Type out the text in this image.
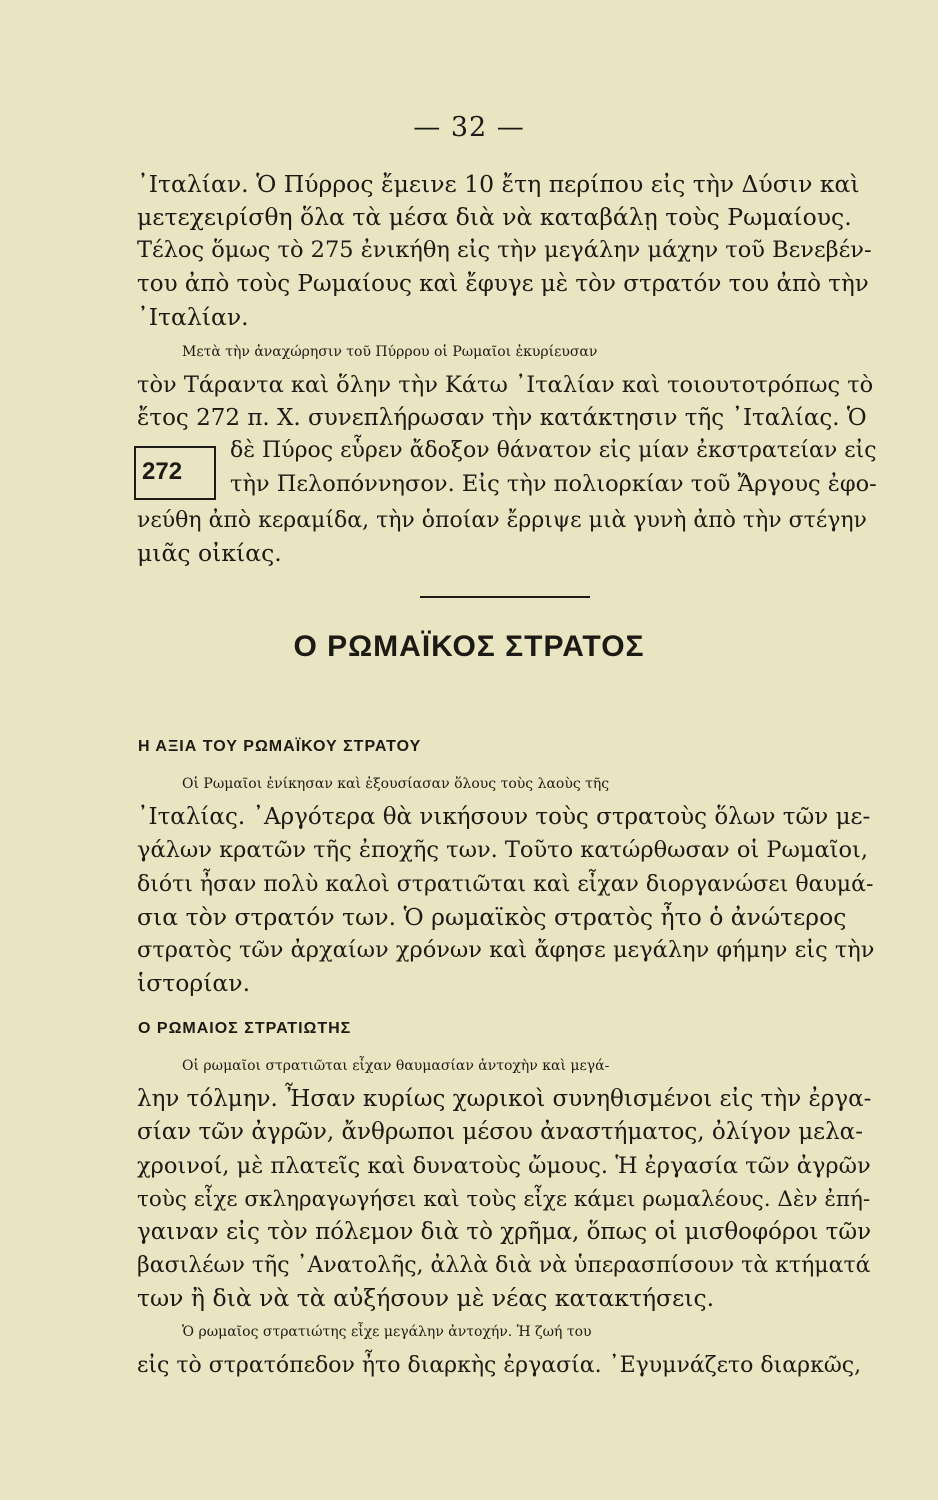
— 32 —
᾿Ιταλίαν. Ὁ Πύρρος ἔμεινε 10 ἔτη περίπου εἰς τὴν Δύσιν καὶ
μετεχειρίσθη ὅλα τὰ μέσα διὰ νὰ καταβάλῃ τοὺς Ρωμαίους.
Τέλος ὅμως τὸ 275 ἐνικήθη εἰς τὴν μεγάλην μάχην τοῦ Βενεβέν-
του ἀπὸ τοὺς Ρωμαίους καὶ ἔφυγε μὲ τὸν στρατόν του ἀπὸ τὴν
᾿Ιταλίαν.
Μετὰ τὴν ἀναχώρησιν τοῦ Πύρρου οἱ Ρωμαῖοι ἐκυρίευσαν
τὸν Τάραντα καὶ ὅλην τὴν Κάτω ᾿Ιταλίαν καὶ τοιουτοτρόπως τὸ
ἔτος 272 π. Χ. συνεπλήρωσαν τὴν κατάκτησιν τῆς ᾿Ιταλίας. Ὁ
272
δὲ Πύρος εὗρεν ἄδοξον θάνατον εἰς μίαν ἐκστρατείαν εἰς
τὴν Πελοπόννησον. Εἰς τὴν πολιορκίαν τοῦ Ἄργους ἐφο-
νεύθη ἀπὸ κεραμίδα, τὴν ὁποίαν ἔρριψε μιὰ γυνὴ ἀπὸ τὴν στέγην
μιᾶς οἰκίας.
Ο ΡΩΜΑΪΚΟΣ ΣΤΡΑΤΟΣ
Η ΑΞΙΑ ΤΟΥ ΡΩΜΑΪΚΟΥ ΣΤΡΑΤΟΥ
Οἱ Ρωμαῖοι ἐνίκησαν καὶ ἐξουσίασαν ὅλους τοὺς λαοὺς τῆς
᾿Ιταλίας. ᾿Αργότερα θὰ νικήσουν τοὺς στρατοὺς ὅλων τῶν με-
γάλων κρατῶν τῆς ἐποχῆς των. Τοῦτο κατώρθωσαν οἱ Ρωμαῖοι,
διότι ἦσαν πολὺ καλοὶ στρατιῶται καὶ εἶχαν διοργανώσει θαυμά-
σια τὸν στρατόν των. Ὁ ρωμαϊκὸς στρατὸς ἦτο ὁ ἀνώτερος
στρατὸς τῶν ἀρχαίων χρόνων καὶ ἄφησε μεγάλην φήμην εἰς τὴν
ἱστορίαν.
Ο ΡΩΜΑΙΟΣ ΣΤΡΑΤΙΩΤΗΣ
Οἱ ρωμαῖοι στρατιῶται εἶχαν θαυμασίαν ἀντοχὴν καὶ μεγά-
λην τόλμην. Ἦσαν κυρίως χωρικοὶ συνηθισμένοι εἰς τὴν ἐργα-
σίαν τῶν ἀγρῶν, ἄνθρωποι μέσου ἀναστήματος, ὀλίγον μελα-
χροινοί, μὲ πλατεῖς καὶ δυνατοὺς ὤμους. Ἡ ἐργασία τῶν ἀγρῶν
τοὺς εἶχε σκληραγωγήσει καὶ τοὺς εἶχε κάμει ρωμαλέους. Δὲν ἐπή-
γαιναν εἰς τὸν πόλεμον διὰ τὸ χρῆμα, ὅπως οἱ μισθοφόροι τῶν
βασιλέων τῆς ᾿Ανατολῆς, ἀλλὰ διὰ νὰ ὑπερασπίσουν τὰ κτήματά
των ἢ διὰ νὰ τὰ αὐξήσουν μὲ νέας κατακτήσεις.
Ὁ ρωμαῖος στρατιώτης εἶχε μεγάλην ἀντοχήν. Ἡ ζωή του
εἰς τὸ στρατόπεδον ἦτο διαρκὴς ἐργασία. ᾿Εγυμνάζετο διαρκῶς,
